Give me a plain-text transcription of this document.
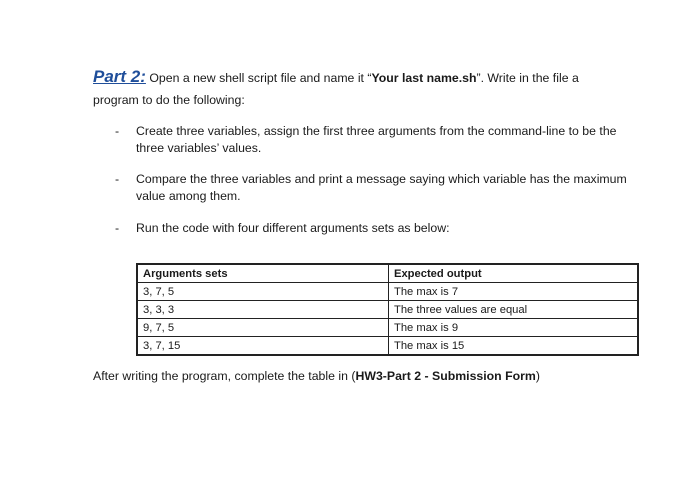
Part 2: Open a new shell script file and name it “Your last name.sh”. Write in the file a
program to do the following:
- Create three variables, assign the first three arguments from the command-line to be the
three variables’ values.
- Compare the three variables and print a message saying which variable has the maximum
value among them.
- Run the code with four different arguments sets as below:
Arguments sets	Expected output
3, 7, 5	The max is 7
3, 3, 3	The three values are equal
9, 7, 5	The max is 9
3, 7, 15	The max is 15
After writing the program, complete the table in (HW3-Part 2 - Submission Form)
